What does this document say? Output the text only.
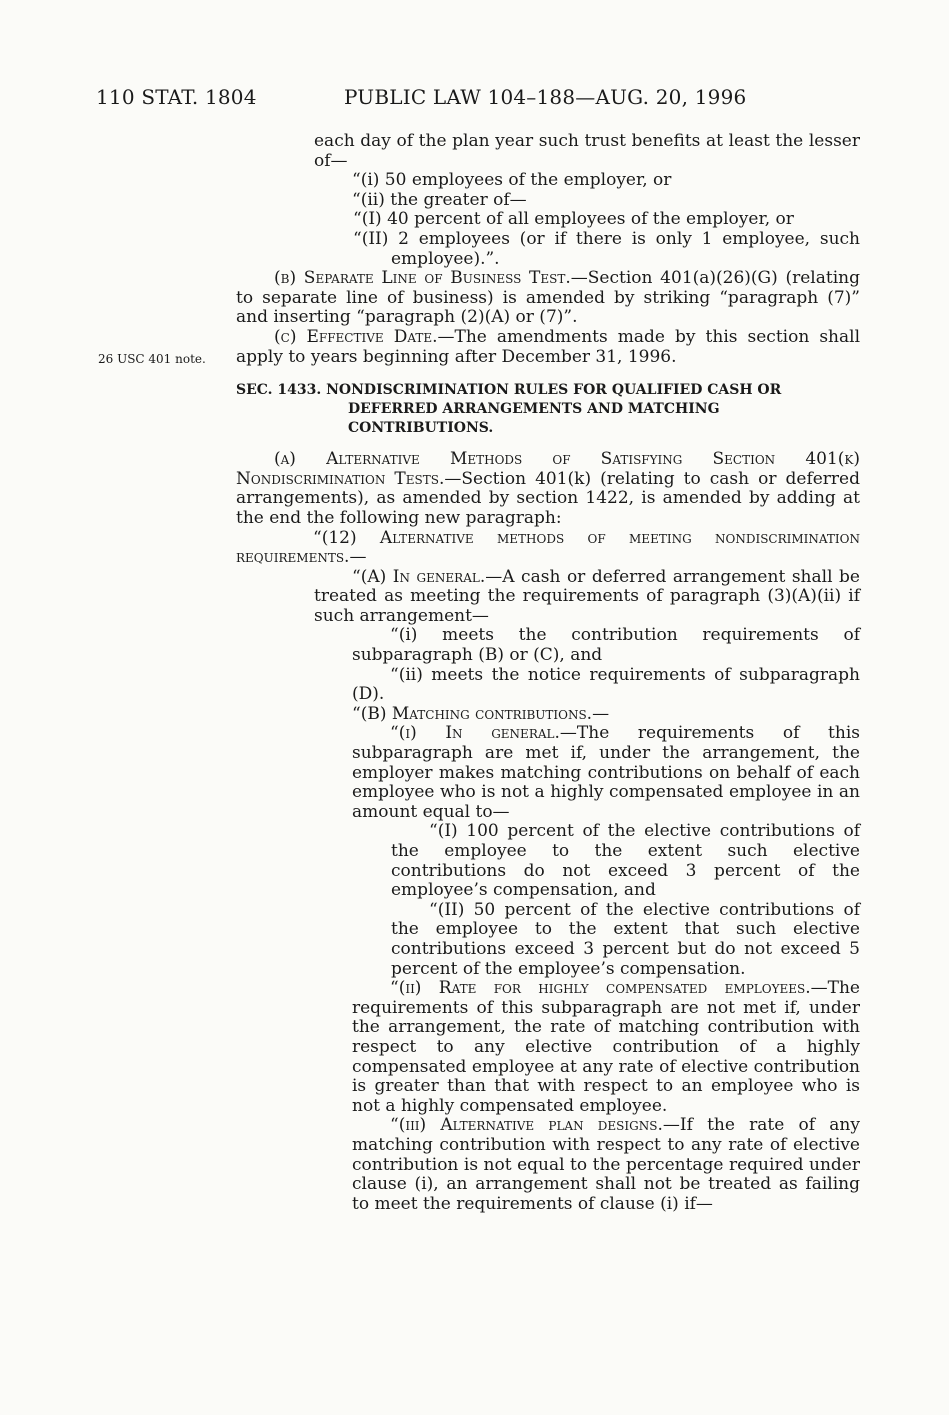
110 STAT. 1804	PUBLIC LAW 104–188—AUG. 20, 1996
26 USC 401 note.

each day of the plan year such trust benefits at least the lesser of—

“(i) 50 employees of the employer, or

“(ii) the greater of—

“(I) 40 percent of all employees of the employer, or

“(II) 2 employees (or if there is only 1 employee, such employee).”.

(b) Separate Line of Business Test.—Section 401(a)(26)(G) (relating to separate line of business) is amended by striking “paragraph (7)” and inserting “paragraph (2)(A) or (7)”.

(c) Effective Date.—The amendments made by this section shall apply to years beginning after December 31, 1996.

SEC. 1433. NONDISCRIMINATION RULES FOR QUALIFIED CASH OR DEFERRED ARRANGEMENTS AND MATCHING CONTRIBUTIONS.

(a) Alternative Methods of Satisfying Section 401(k) Nondiscrimination Tests.—Section 401(k) (relating to cash or deferred arrangements), as amended by section 1422, is amended by adding at the end the following new paragraph:

“(12) Alternative methods of meeting nondiscrimination requirements.—

“(A) In general.—A cash or deferred arrangement shall be treated as meeting the requirements of paragraph (3)(A)(ii) if such arrangement—

“(i) meets the contribution requirements of subparagraph (B) or (C), and

“(ii) meets the notice requirements of subparagraph (D).

“(B) Matching contributions.—

“(i) In general.—The requirements of this subparagraph are met if, under the arrangement, the employer makes matching contributions on behalf of each employee who is not a highly compensated employee in an amount equal to—

“(I) 100 percent of the elective contributions of the employee to the extent such elective contributions do not exceed 3 percent of the employee’s compensation, and

“(II) 50 percent of the elective contributions of the employee to the extent that such elective contributions exceed 3 percent but do not exceed 5 percent of the employee’s compensation.

“(ii) Rate for highly compensated employees.—The requirements of this subparagraph are not met if, under the arrangement, the rate of matching contribution with respect to any elective contribution of a highly compensated employee at any rate of elective contribution is greater than that with respect to an employee who is not a highly compensated employee.

“(iii) Alternative plan designs.—If the rate of any matching contribution with respect to any rate of elective contribution is not equal to the percentage required under clause (i), an arrangement shall not be treated as failing to meet the requirements of clause (i) if—
